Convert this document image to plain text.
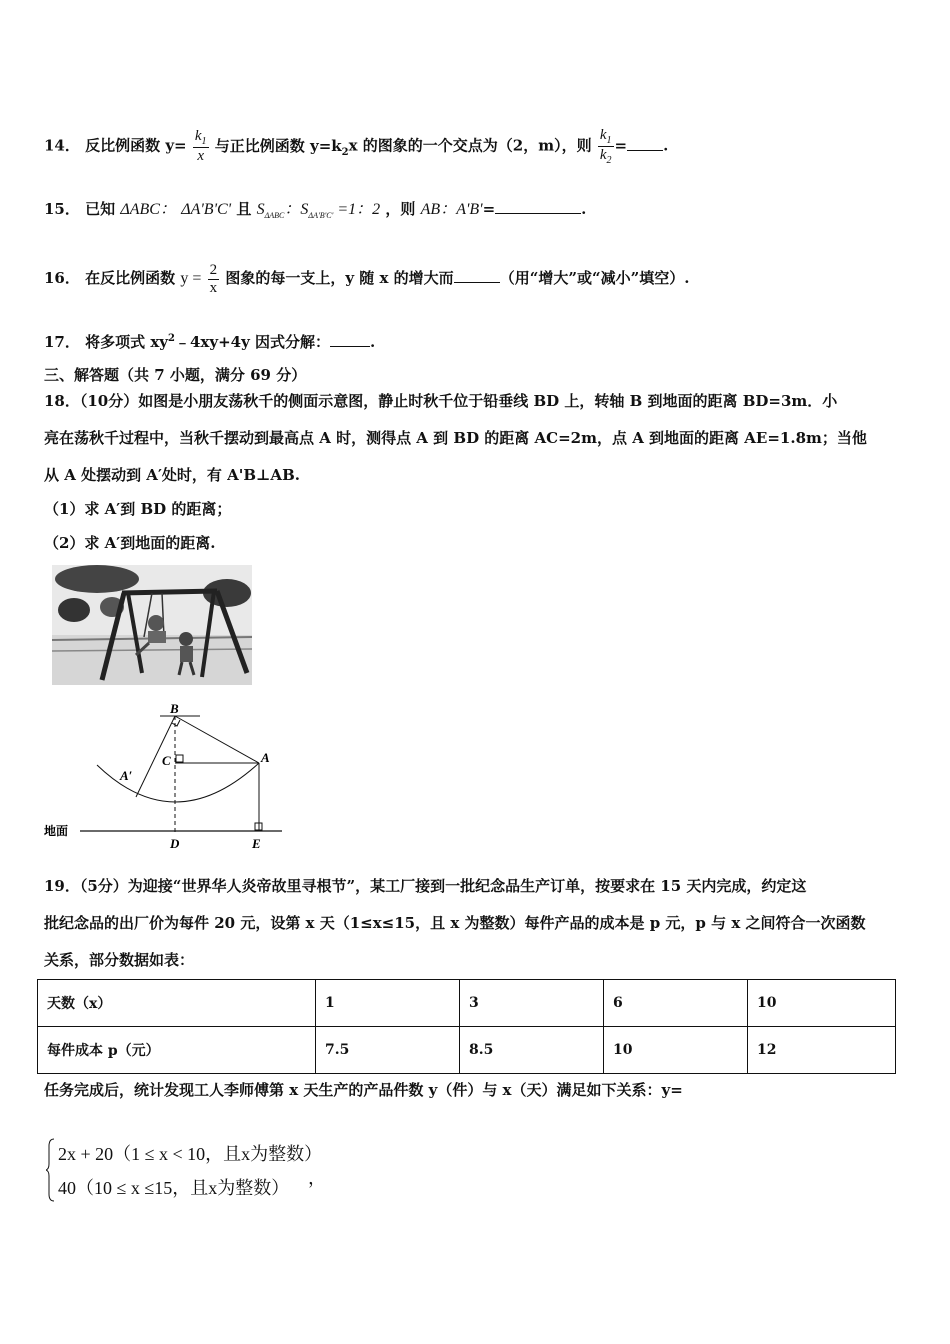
14． 反比例函数 $y= \frac{k_1}{x}$ 与正比例函数 $y=k_2x$ 的图象的一个交点为（2，m），则 $\frac{k_1}{k_2}$ = .
15． 已知 ΔABC： ΔA'B'C' 且 $S_{\Delta ABC}$：$S_{\Delta A'B'C'} =1$：2 ，则 AB：A'B'=	.
16． 在反比例函数 $y = \frac{2}{x}$ 图象的每一支上，y 随 x 的增大而	（用“增大”或“减小”填空）.
17． 将多项式 $xy^2﹣4xy+4y$ 因式分解：	.
三、解答题（共 7 小题，满分 69 分）
18．（10分）如图是小朋友荡秋千的侧面示意图，静止时秋千位于铅垂线 BD 上，转轴 B 到地面的距离 BD=3m．小
亮在荡秋千过程中，当秋千摆动到最高点 A 时，测得点 A 到 BD 的距离 AC=2m，点 A 到地面的距离 AE=1.8m；当他
从 A 处摆动到 A′处时，有 A'B⊥AB.
（1）求 A′到 BD 的距离；
（2）求 A′到地面的距离.
B
C	A
A′
D	E
地面
19．（5分）为迎接“世界华人炎帝故里寻根节”，某工厂接到一批纪念品生产订单，按要求在 15 天内完成，约定这
批纪念品的出厂价为每件 20 元，设第 x 天（1≤x≤15，且 x 为整数）每件产品的成本是 p 元，p 与 x 之间符合一次函数
关系，部分数据如表：
天数（x）	1	3	6	10
每件成本 p（元）	7.5	8.5	10	12
任务完成后，统计发现工人李师傅第 x 天生产的产品件数 y（件）与 x（天）满足如下关系：y=
2x + 20（1 ≤ x < 10，且x为整数）
40（10 ≤ x ≤15，且x为整数） ，
